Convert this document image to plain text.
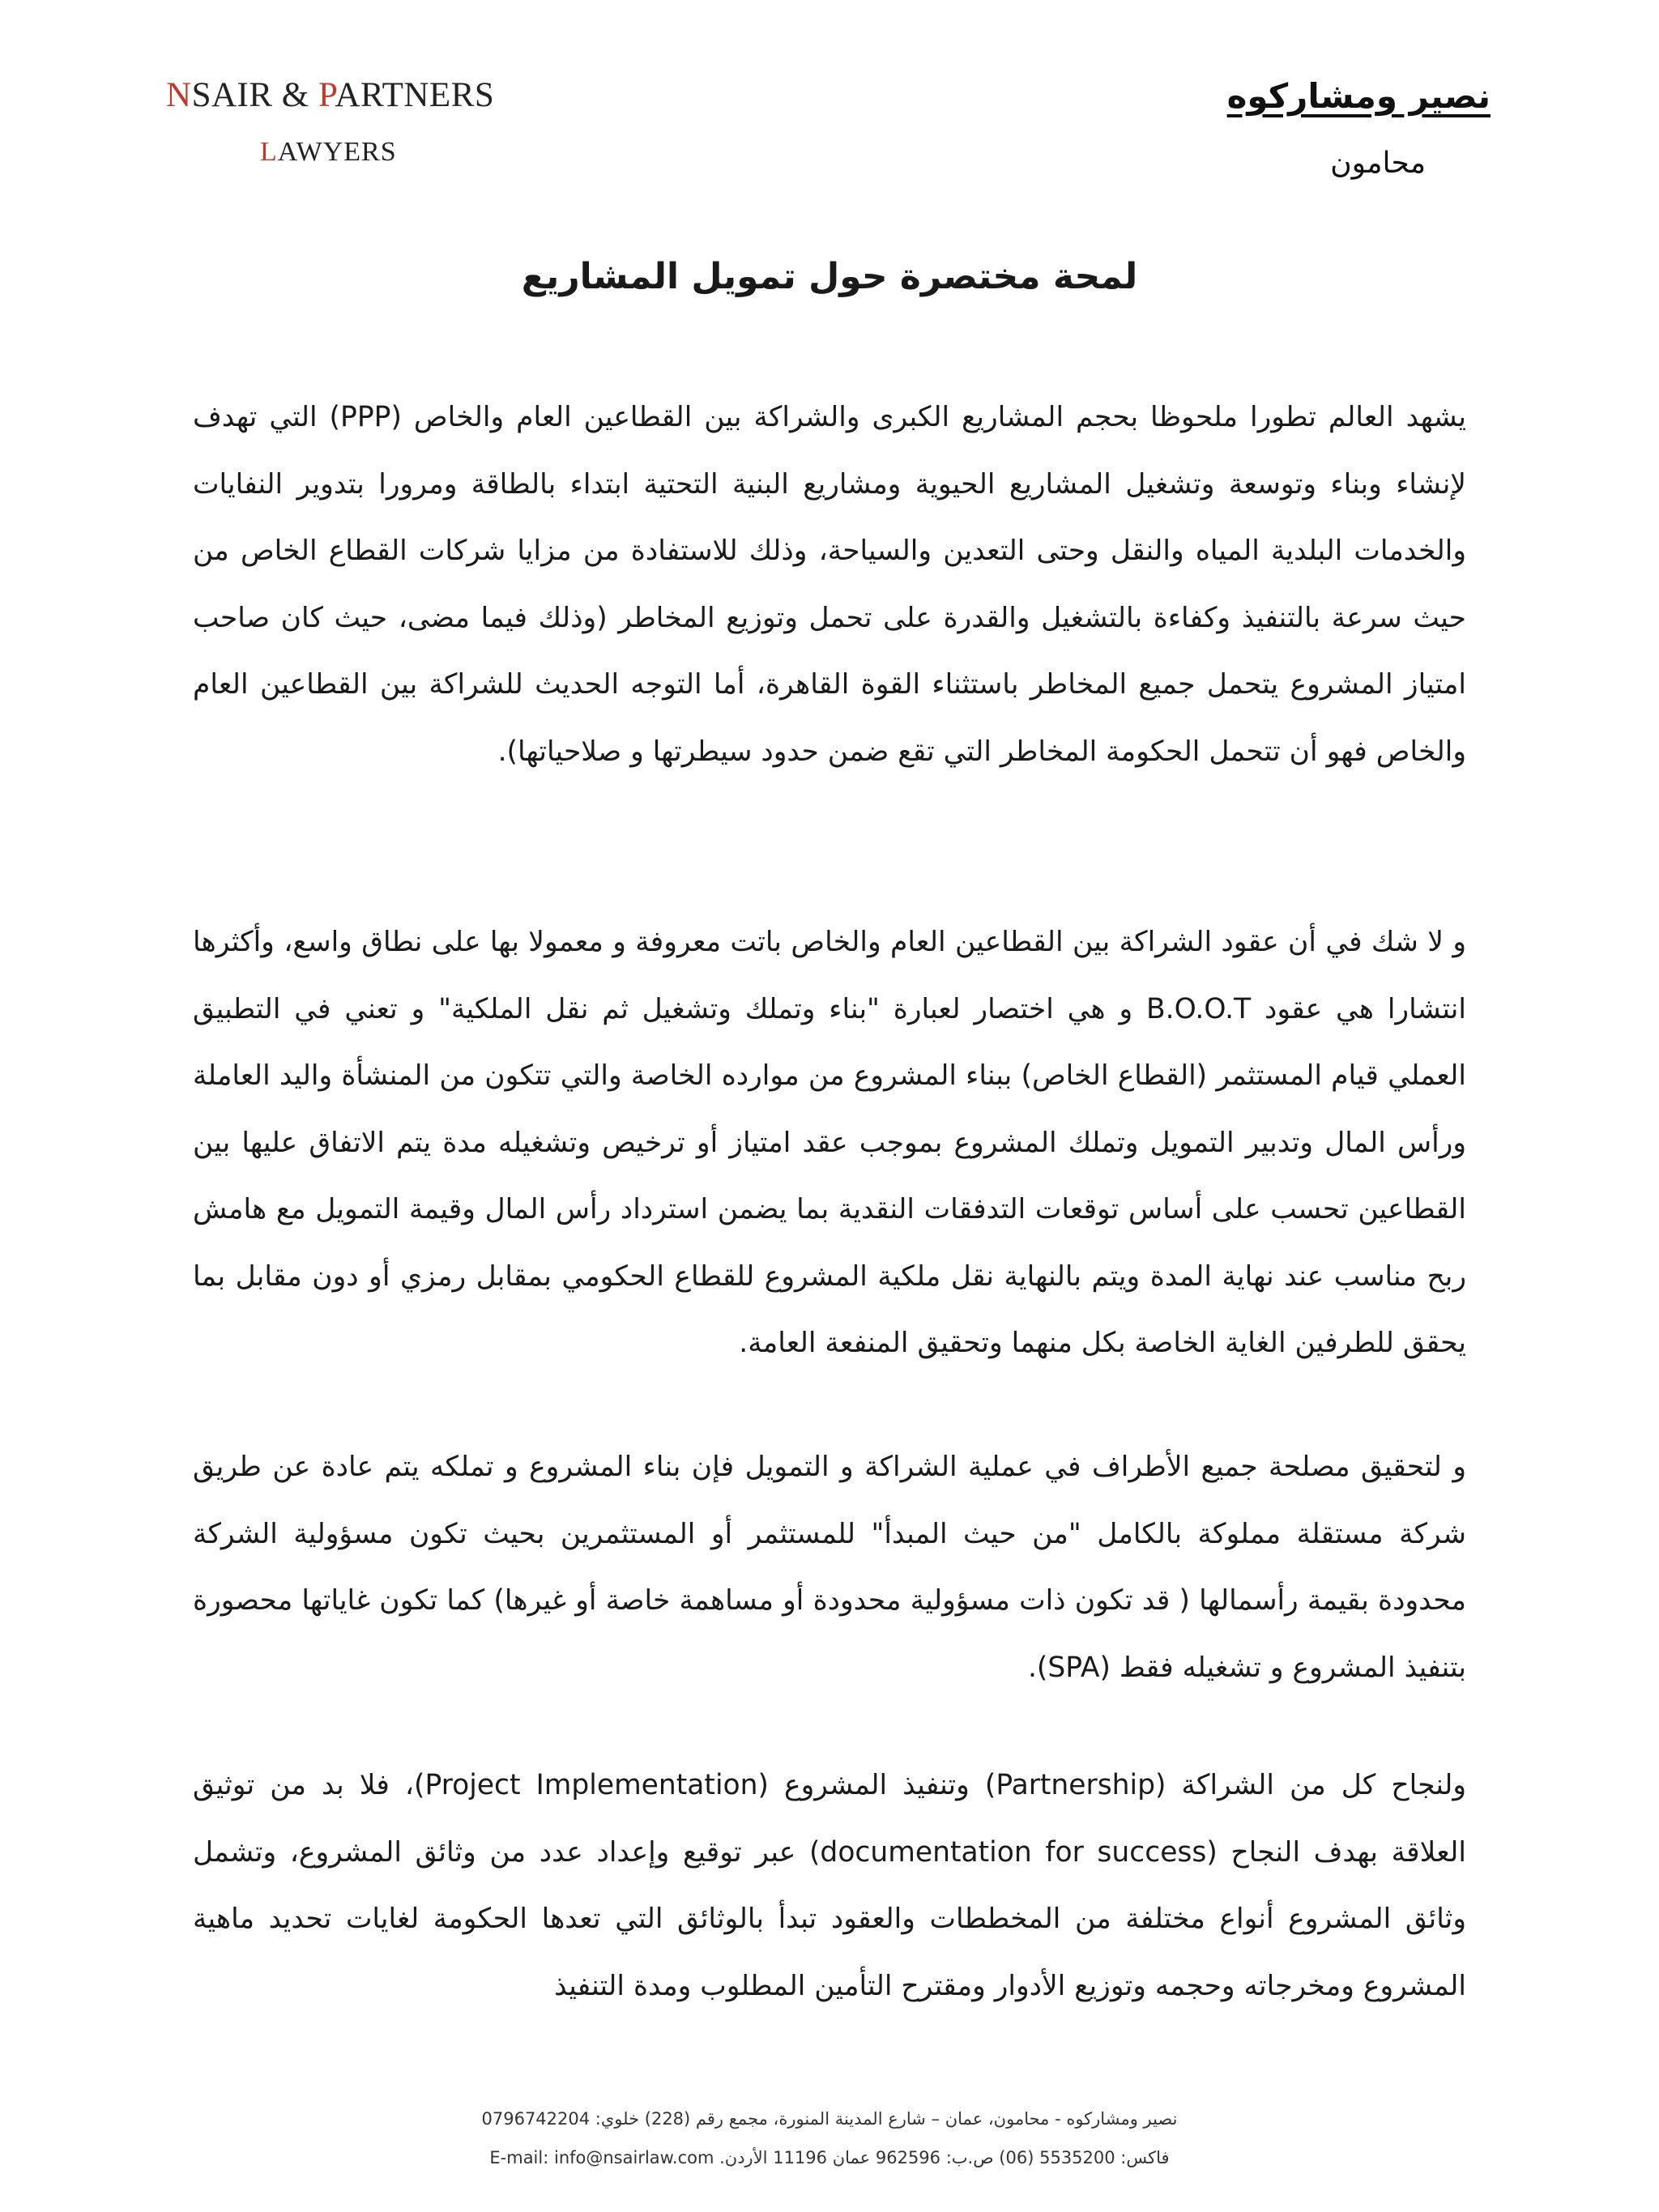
NSAIR & PARTNERS
LAWYERS
نصير ومشاركوه
محامون
لمحة مختصرة حول تمويل المشاريع
يشهد العالم تطورا ملحوظا بحجم المشاريع الكبرى والشراكة بين القطاعين العام والخاص (PPP) التي تهدف لإنشاء وبناء وتوسعة وتشغيل المشاريع الحيوية ومشاريع البنية التحتية ابتداء بالطاقة ومرورا بتدوير النفايات والخدمات البلدية المياه والنقل وحتى التعدين والسياحة، وذلك للاستفادة من مزايا شركات القطاع الخاص من حيث سرعة بالتنفيذ وكفاءة بالتشغيل والقدرة على تحمل وتوزيع المخاطر (وذلك فيما مضى، حيث كان صاحب امتياز المشروع يتحمل جميع المخاطر باستثناء القوة القاهرة، أما التوجه الحديث للشراكة بين القطاعين العام والخاص فهو أن تتحمل الحكومة المخاطر التي تقع ضمن حدود سيطرتها و صلاحياتها).
و لا شك في أن عقود الشراكة بين القطاعين العام والخاص باتت معروفة و معمولا بها على نطاق واسع، وأكثرها انتشارا هي عقود B.O.O.T و هي اختصار لعبارة "بناء وتملك وتشغيل ثم نقل الملكية" و تعني في التطبيق العملي قيام المستثمر (القطاع الخاص) ببناء المشروع من موارده الخاصة والتي تتكون من المنشأة واليد العاملة ورأس المال وتدبير التمويل وتملك المشروع بموجب عقد امتياز أو ترخيص وتشغيله مدة يتم الاتفاق عليها بين القطاعين تحسب على أساس توقعات التدفقات النقدية بما يضمن استرداد رأس المال وقيمة التمويل مع هامش ربح مناسب عند نهاية المدة ويتم بالنهاية نقل ملكية المشروع للقطاع الحكومي بمقابل رمزي أو دون مقابل بما يحقق للطرفين الغاية الخاصة بكل منهما وتحقيق المنفعة العامة.
و لتحقيق مصلحة جميع الأطراف في عملية الشراكة و التمويل فإن بناء المشروع و تملكه يتم عادة عن طريق شركة مستقلة مملوكة بالكامل "من حيث المبدأ" للمستثمر أو المستثمرين بحيث تكون مسؤولية الشركة محدودة بقيمة رأسمالها ( قد تكون ذات مسؤولية محدودة أو مساهمة خاصة أو غيرها) كما تكون غاياتها محصورة بتنفيذ المشروع و تشغيله فقط (SPA).
ولنجاح كل من الشراكة (Partnership) وتنفيذ المشروع (Project Implementation)، فلا بد من توثيق العلاقة بهدف النجاح (documentation for success) عبر توقيع وإعداد عدد من وثائق المشروع، وتشمل وثائق المشروع أنواع مختلفة من المخططات والعقود تبدأ بالوثائق التي تعدها الحكومة لغايات تحديد ماهية المشروع ومخرجاته وحجمه وتوزيع الأدوار ومقترح التأمين المطلوب ومدة التنفيذ
نصير ومشاركوه - محامون، عمان – شارع المدينة المنورة، مجمع رقم (228) خلوي: 0796742204
فاكس: 5535200 (06) ص.ب: 962596 عمان 11196 الأردن. E-mail: info@nsairlaw.com
